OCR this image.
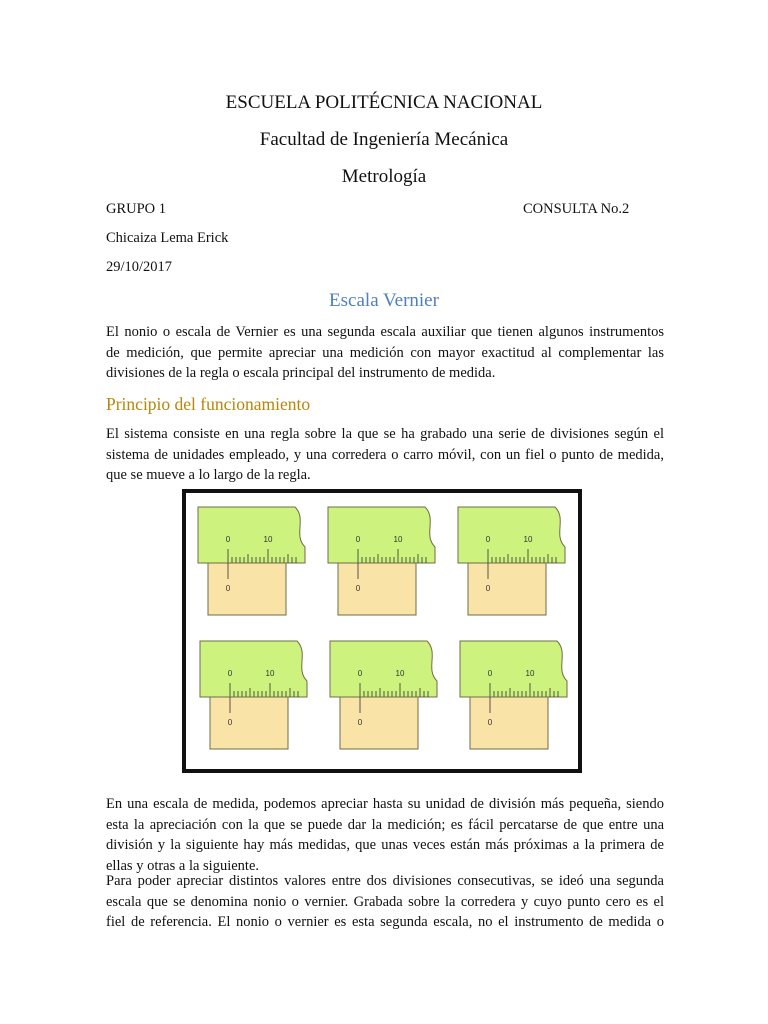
ESCUELA POLITÉCNICA NACIONAL
Facultad de Ingeniería Mecánica
Metrología
GRUPO 1	CONSULTA No.2
Chicaiza Lema Erick
29/10/2017
Escala Vernier
El nonio o escala de Vernier es una segunda escala auxiliar que tienen algunos instrumentos
de medición, que permite apreciar una medición con mayor exactitud al complementar las
divisiones de la regla o escala principal del instrumento de medida.
Principio del funcionamiento
El sistema consiste en una regla sobre la que se ha grabado una serie de divisiones según el
sistema de unidades empleado, y una corredera o carro móvil, con un fiel o punto de medida,
que se mueve a lo largo de la regla.
0	10
0
0	10
0
0	10
0
0	10
0
0	10
0
0	10
0
En una escala de medida, podemos apreciar hasta su unidad de división más pequeña, siendo
esta la apreciación con la que se puede dar la medición; es fácil percatarse de que entre una
división y la siguiente hay más medidas, que unas veces están más próximas a la primera de
ellas y otras a la siguiente.
Para poder apreciar distintos valores entre dos divisiones consecutivas, se ideó una segunda
escala que se denomina nonio o vernier. Grabada sobre la corredera y cuyo punto cero es el
fiel de referencia. El nonio o vernier es esta segunda escala, no el instrumento de medida o
